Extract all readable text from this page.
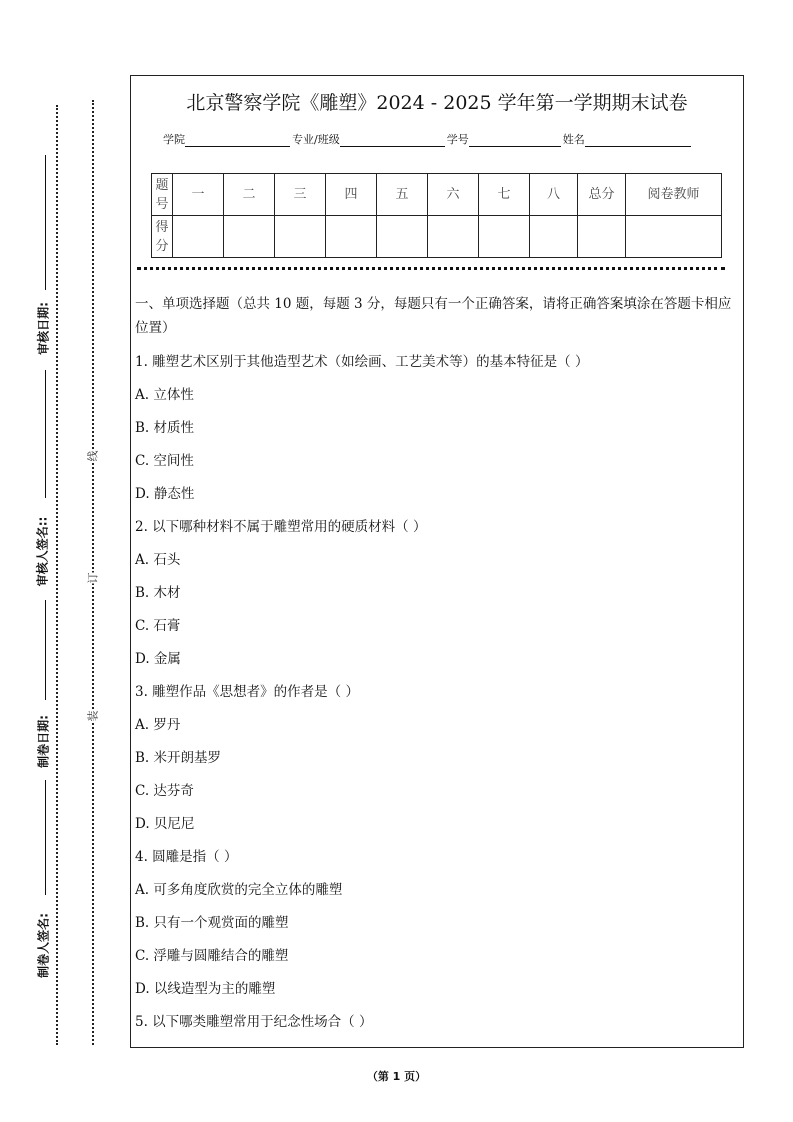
北京警察学院《雕塑》2024 - 2025 学年第一学期期末试卷
学院	专业/班级	学号	姓名
题号	一	二	三	四	五	六	七	八	总分	阅卷教师
得分										
一、单项选择题（总共 10 题，每题 3 分，每题只有一个正确答案，请将正确答案填涂在答题卡相应位置）
1. 雕塑艺术区别于其他造型艺术（如绘画、工艺美术等）的基本特征是（ ）
A. 立体性
B. 材质性
C. 空间性
D. 静态性
2. 以下哪种材料不属于雕塑常用的硬质材料（ ）
A. 石头
B. 木材
C. 石膏
D. 金属
3. 雕塑作品《思想者》的作者是（ ）
A. 罗丹
B. 米开朗基罗
C. 达芬奇
D. 贝尼尼
4. 圆雕是指（ ）
A. 可多角度欣赏的完全立体的雕塑
B. 只有一个观赏面的雕塑
C. 浮雕与圆雕结合的雕塑
D. 以线造型为主的雕塑
5. 以下哪类雕塑常用于纪念性场合（ ）
审核日期:
审核人签名::
制卷日期:
制卷人签名:
线
订
装
（第 1 页）
